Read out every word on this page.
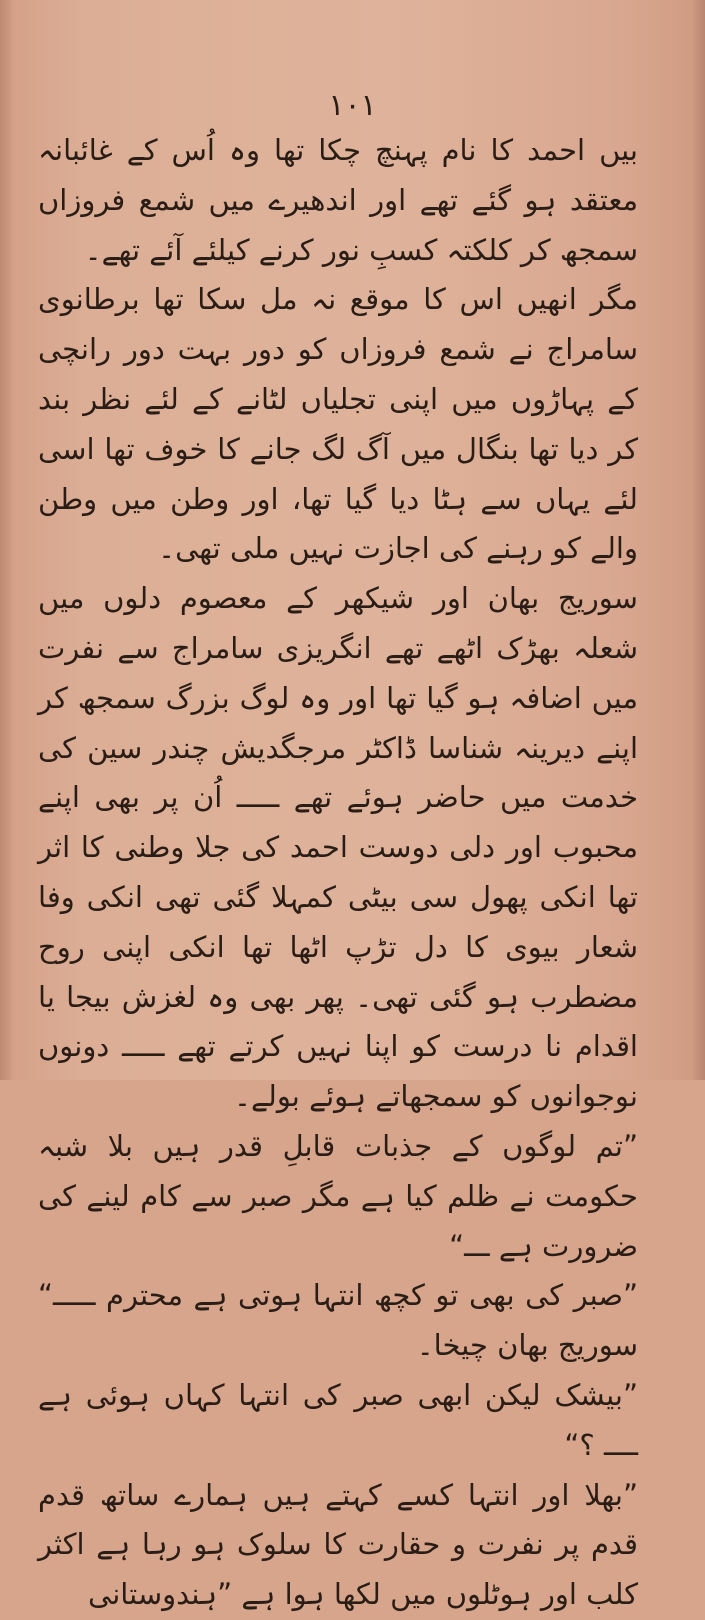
١٠١

بیں احمد کا نام پہنچ چکا تھا وہ اُس کے غائبانہ معتقد ہو گئے تھے اور اندھیرے میں شمع فروزاں سمجھ کر کلکتہ کسبِ نور کرنے کیلئے آئے تھے۔

مگر انھیں اس کا موقع نہ مل سکا تھا برطانوی سامراج نے شمع فروزاں کو دور بہت دور رانچی کے پہاڑوں میں اپنی تجلیاں لٹانے کے لئے نظر بند کر دیا تھا بنگال میں آگ لگ جانے کا خوف تھا اسی لئے یہاں سے ہٹا دیا گیا تھا، اور وطن میں وطن والے کو رہنے کی اجازت نہیں ملی تھی۔

سوریج بھان اور شیکھر کے معصوم دلوں میں شعلہ بھڑک اٹھے تھے انگریزی سامراج سے نفرت میں اضافہ ہو گیا تھا اور وہ لوگ بزرگ سمجھ کر اپنے دیرینہ شناسا ڈاکٹر مرجگدیش چندر سین کی خدمت میں حاضر ہوئے تھے ـــــ اُن پر بھی اپنے محبوب اور دلی دوست احمد کی جلا وطنی کا اثر تھا انکی پھول سی بیٹی کمہلا گئی تھی انکی وفا شعار بیوی کا دل تڑپ اٹھا تھا انکی اپنی روح مضطرب ہو گئی تھی۔ پھر بھی وہ لغزش بیجا یا اقدام نا درست کو اپنا نہیں کرتے تھے ـــــ دونوں نوجوانوں کو سمجھاتے ہوئے بولے۔

”تم لوگوں کے جذبات قابلِ قدر ہیں بلا شبہ حکومت نے ظلم کیا ہے مگر صبر سے کام لینے کی ضرورت ہے ـــ“

”صبر کی بھی تو کچھ انتہا ہوتی ہے محترم ـــــ“ سوریج بھان چیخا۔

”بیشک لیکن ابھی صبر کی انتہا کہاں ہوئی ہے ــــ ؟“

”بھلا اور انتہا کسے کہتے ہیں ہمارے ساتھ قدم قدم پر نفرت و حقارت کا سلوک ہو رہا ہے اکثر کلب اور ہوٹلوں میں لکھا ہوا ہے ”ہندوستانی
